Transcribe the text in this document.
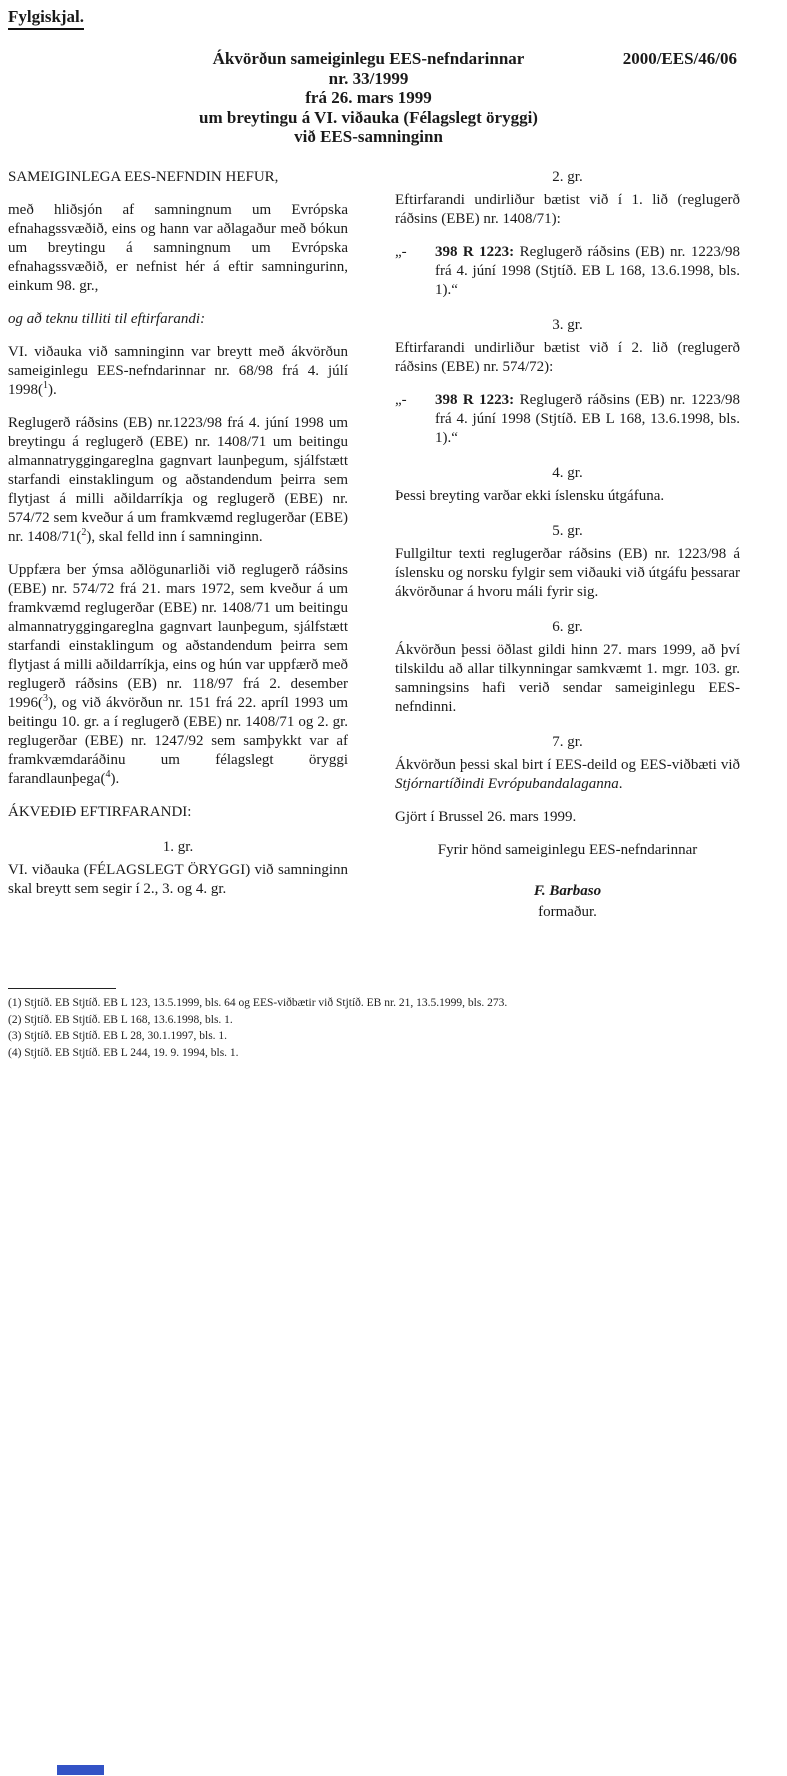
Fylgiskjal.
Ákvörðun sameiginlegu EES-nefndarinnar	2000/EES/46/06
nr. 33/1999
frá 26. mars 1999
um breytingu á VI. viðauka (Félagslegt öryggi)
við EES-samninginn

SAMEIGINLEGA EES-NEFNDIN HEFUR,

með hliðsjón af samningnum um Evrópska efnahagssvæðið, eins og hann var aðlagaður með bókun um breytingu á samningnum um Evrópska efnahagssvæðið, er nefnist hér á eftir samningurinn, einkum 98. gr.,

og að teknu tilliti til eftirfarandi:

VI. viðauka við samninginn var breytt með ákvörðun sameiginlegu EES-nefndarinnar nr. 68/98 frá 4. júlí 1998($^1$).

Reglugerð ráðsins (EB) nr.1223/98 frá 4. júní 1998 um breytingu á reglugerð (EBE) nr. 1408/71 um beitingu almannatryggingareglna gagnvart launþegum, sjálfstætt starfandi einstaklingum og aðstandendum þeirra sem flytjast á milli aðildarríkja og reglugerð (EBE) nr. 574/72 sem kveður á um framkvæmd reglugerðar (EBE) nr. 1408/71($^2$), skal felld inn í samninginn.

Uppfæra ber ýmsa aðlögunarliði við reglugerð ráðsins (EBE) nr. 574/72 frá 21. mars 1972, sem kveður á um framkvæmd reglugerðar (EBE) nr. 1408/71 um beitingu almannatryggingareglna gagnvart launþegum, sjálfstætt starfandi einstaklingum og aðstandendum þeirra sem flytjast á milli aðildarríkja, eins og hún var uppfærð með reglugerð ráðsins (EB) nr. 118/97 frá 2. desember 1996($^3$), og við ákvörðun nr. 151 frá 22. apríl 1993 um beitingu 10. gr. a í reglugerð (EBE) nr. 1408/71 og 2. gr. reglugerðar (EBE) nr. 1247/92 sem samþykkt var af framkvæmdaráðinu um félagslegt öryggi farandlaunþega($^4$).

ÁKVEÐIÐ EFTIRFARANDI:

1. gr.

VI. viðauka (FÉLAGSLEGT ÖRYGGI) við samninginn skal breytt sem segir í 2., 3. og 4. gr.

2. gr.

Eftirfarandi undirliður bætist við í 1. lið (reglugerð ráðsins (EBE) nr. 1408/71):

„-	398 R 1223: Reglugerð ráðsins (EB) nr. 1223/98 frá 4. júní 1998 (Stjtíð. EB L 168, 13.6.1998, bls. 1).“
3. gr.

Eftirfarandi undirliður bætist við í 2. lið (reglugerð ráðsins (EBE) nr. 574/72):

„-	398 R 1223: Reglugerð ráðsins (EB) nr. 1223/98 frá 4. júní 1998 (Stjtíð. EB L 168, 13.6.1998, bls. 1).“
4. gr.

Þessi breyting varðar ekki íslensku útgáfuna.

5. gr.

Fullgiltur texti reglugerðar ráðsins (EB) nr. 1223/98 á íslensku og norsku fylgir sem viðauki við útgáfu þessarar ákvörðunar á hvoru máli fyrir sig.

6. gr.

Ákvörðun þessi öðlast gildi hinn 27. mars 1999, að því tilskildu að allar tilkynningar samkvæmt 1. mgr. 103. gr. samningsins hafi verið sendar sameiginlegu EES-nefndinni.

7. gr.

Ákvörðun þessi skal birt í EES-deild og EES-viðbæti við Stjórnartíðindi Evrópubandalaganna.

Gjört í Brussel 26. mars 1999.

Fyrir hönd sameiginlegu EES-nefndarinnar

F. Barbaso

formaður.

(1) Stjtíð. EB Stjtíð. EB L 123, 13.5.1999, bls. 64 og EES-viðbætir við Stjtíð. EB nr. 21, 13.5.1999, bls. 273.
(2) Stjtíð. EB Stjtíð. EB L 168, 13.6.1998, bls. 1.
(3) Stjtíð. EB Stjtíð. EB L 28, 30.1.1997, bls. 1.
(4) Stjtíð. EB Stjtíð. EB L 244, 19. 9. 1994, bls. 1.
